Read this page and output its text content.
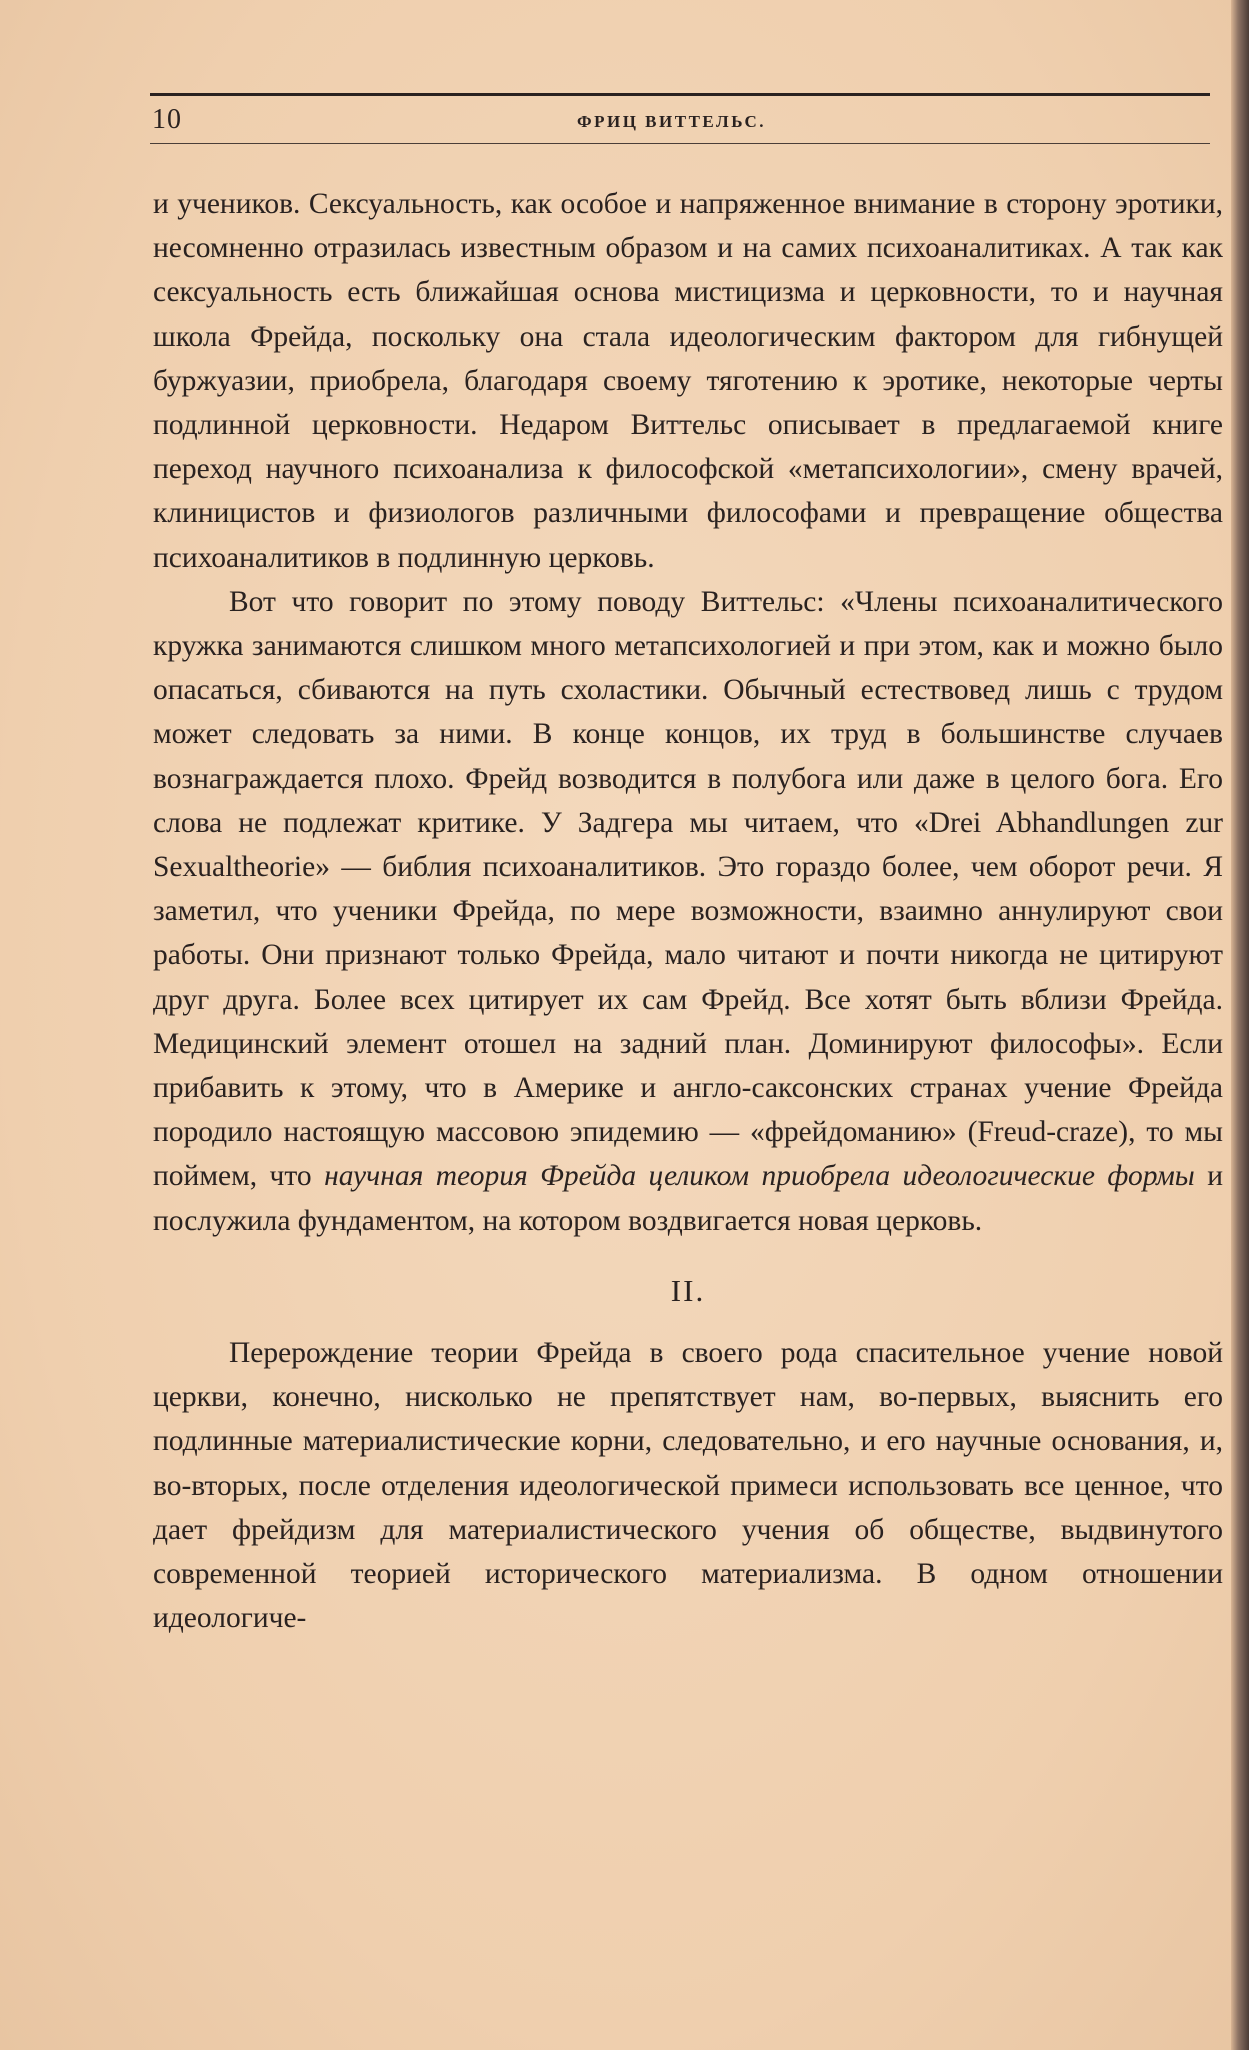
10	ФРИЦ ВИТТЕЛЬС.

и учеников. Сексуальность, как особое и напряженное внимание в сторону эротики, несомненно отразилась известным образом и на самих психоаналитиках. А так как сексуальность есть ближайшая основа мистицизма и церковности, то и научная школа Фрейда, поскольку она стала идеологическим фактором для гибнущей буржуазии, приобрела, благодаря своему тяготению к эротике, некоторые черты подлинной церковности. Недаром Виттельс описывает в предлагаемой книге переход научного психоанализа к философской «метапсихологии», смену врачей, клиницистов и физиологов различными философами и превращение общества психоаналитиков в подлинную церковь.

Вот что говорит по этому поводу Виттельс: «Члены психоаналитического кружка занимаются слишком много метапсихологией и при этом, как и можно было опасаться, сбиваются на путь схоластики. Обычный естествовед лишь с трудом может следовать за ними. В конце концов, их труд в большинстве случаев вознаграждается плохо. Фрейд возводится в полубога или даже в целого бога. Его слова не подлежат критике. У Задгера мы читаем, что «Drei Abhandlungen zur Sexualtheorie» — библия психоаналитиков. Это гораздо более, чем оборот речи. Я заметил, что ученики Фрейда, по мере возможности, взаимно аннулируют свои работы. Они признают только Фрейда, мало читают и почти никогда не цитируют друг друга. Более всех цитирует их сам Фрейд. Все хотят быть вблизи Фрейда. Медицинский элемент отошел на задний план. Доминируют философы». Если прибавить к этому, что в Америке и англо-саксонских странах учение Фрейда породило настоящую массовою эпидемию — «фрейдоманию» (Freud-craze), то мы поймем, что научная теория Фрейда целиком приобрела идеологические формы и послужила фундаментом, на котором воздвигается новая церковь.

II.

Перерождение теории Фрейда в своего рода спасительное учение новой церкви, конечно, нисколько не препятствует нам, во-первых, выяснить его подлинные материалистические корни, следовательно, и его научные основания, и, во-вторых, после отделения идеологической примеси использовать все ценное, что дает фрейдизм для материалистического учения об обществе, выдвинутого современной теорией исторического материализма. В одном отношении идеологиче-
